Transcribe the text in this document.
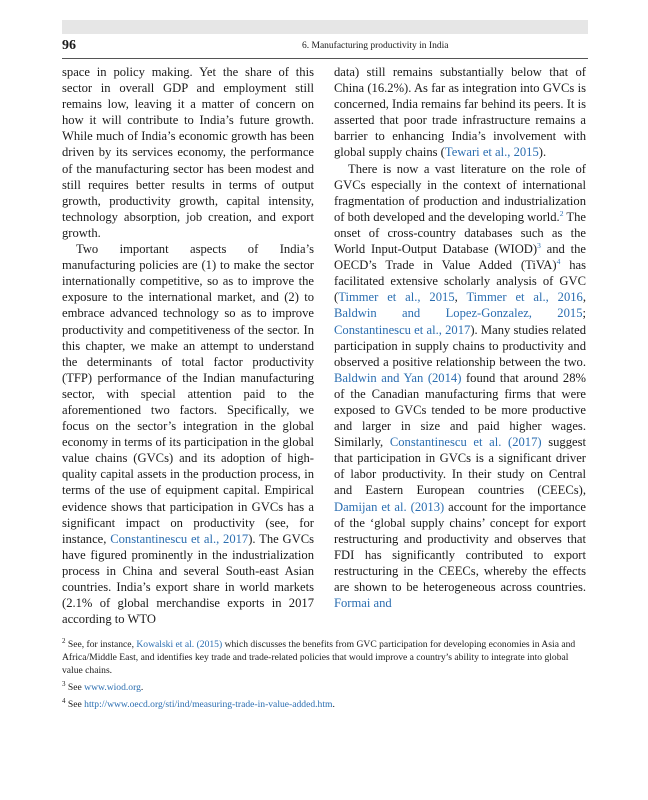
96	6. Manufacturing productivity in India

space in policy making. Yet the share of this sector in overall GDP and employment still remains low, leaving it a matter of concern on how it will contribute to India’s future growth. While much of India’s economic growth has been driven by its services economy, the performance of the manufacturing sector has been modest and still requires better results in terms of output growth, productivity growth, capital intensity, technology absorption, job creation, and export growth.

Two important aspects of India’s manufacturing policies are (1) to make the sector internationally competitive, so as to improve the exposure to the international market, and (2) to embrace advanced technology so as to improve productivity and competitiveness of the sector. In this chapter, we make an attempt to understand the determinants of total factor productivity (TFP) performance of the Indian manufacturing sector, with special attention paid to the aforementioned two factors. Specifically, we focus on the sector’s integration in the global economy in terms of its participation in the global value chains (GVCs) and its adoption of high-quality capital assets in the production process, in terms of the use of equipment capital. Empirical evidence shows that participation in GVCs has a significant impact on productivity (see, for instance, Constantinescu et al., 2017). The GVCs have figured prominently in the industrialization process in China and several South-east Asian countries. India’s export share in world markets (2.1% of global merchandise exports in 2017 according to WTO

data) still remains substantially below that of China (16.2%). As far as integration into GVCs is concerned, India remains far behind its peers. It is asserted that poor trade infrastructure remains a barrier to enhancing India’s involvement with global supply chains (Tewari et al., 2015).

There is now a vast literature on the role of GVCs especially in the context of international fragmentation of production and industrialization of both developed and the developing world.$^2$ The onset of cross-country databases such as the World Input-Output Database (WIOD)$^3$ and the OECD’s Trade in Value Added (TiVA)$^4$ has facilitated extensive scholarly analysis of GVC (Timmer et al., 2015, Timmer et al., 2016, Baldwin and Lopez-Gonzalez, 2015; Constantinescu et al., 2017). Many studies related participation in supply chains to productivity and observed a positive relationship between the two. Baldwin and Yan (2014) found that around 28% of the Canadian manufacturing firms that were exposed to GVCs tended to be more productive and larger in size and paid higher wages. Similarly, Constantinescu et al. (2017) suggest that participation in GVCs is a significant driver of labor productivity. In their study on Central and Eastern European countries (CEECs), Damijan et al. (2013) account for the importance of the ‘global supply chains’ concept for export restructuring and productivity and observes that FDI has significantly contributed to export restructuring in the CEECs, whereby the effects are shown to be heterogeneous across countries. Formai and

$^2$ See, for instance, Kowalski et al. (2015) which discusses the benefits from GVC participation for developing economies in Asia and Africa/Middle East, and identifies key trade and trade-related policies that would improve a country’s ability to integrate into global value chains.

$^3$ See www.wiod.org.

$^4$ See http://www.oecd.org/sti/ind/measuring-trade-in-value-added.htm.
